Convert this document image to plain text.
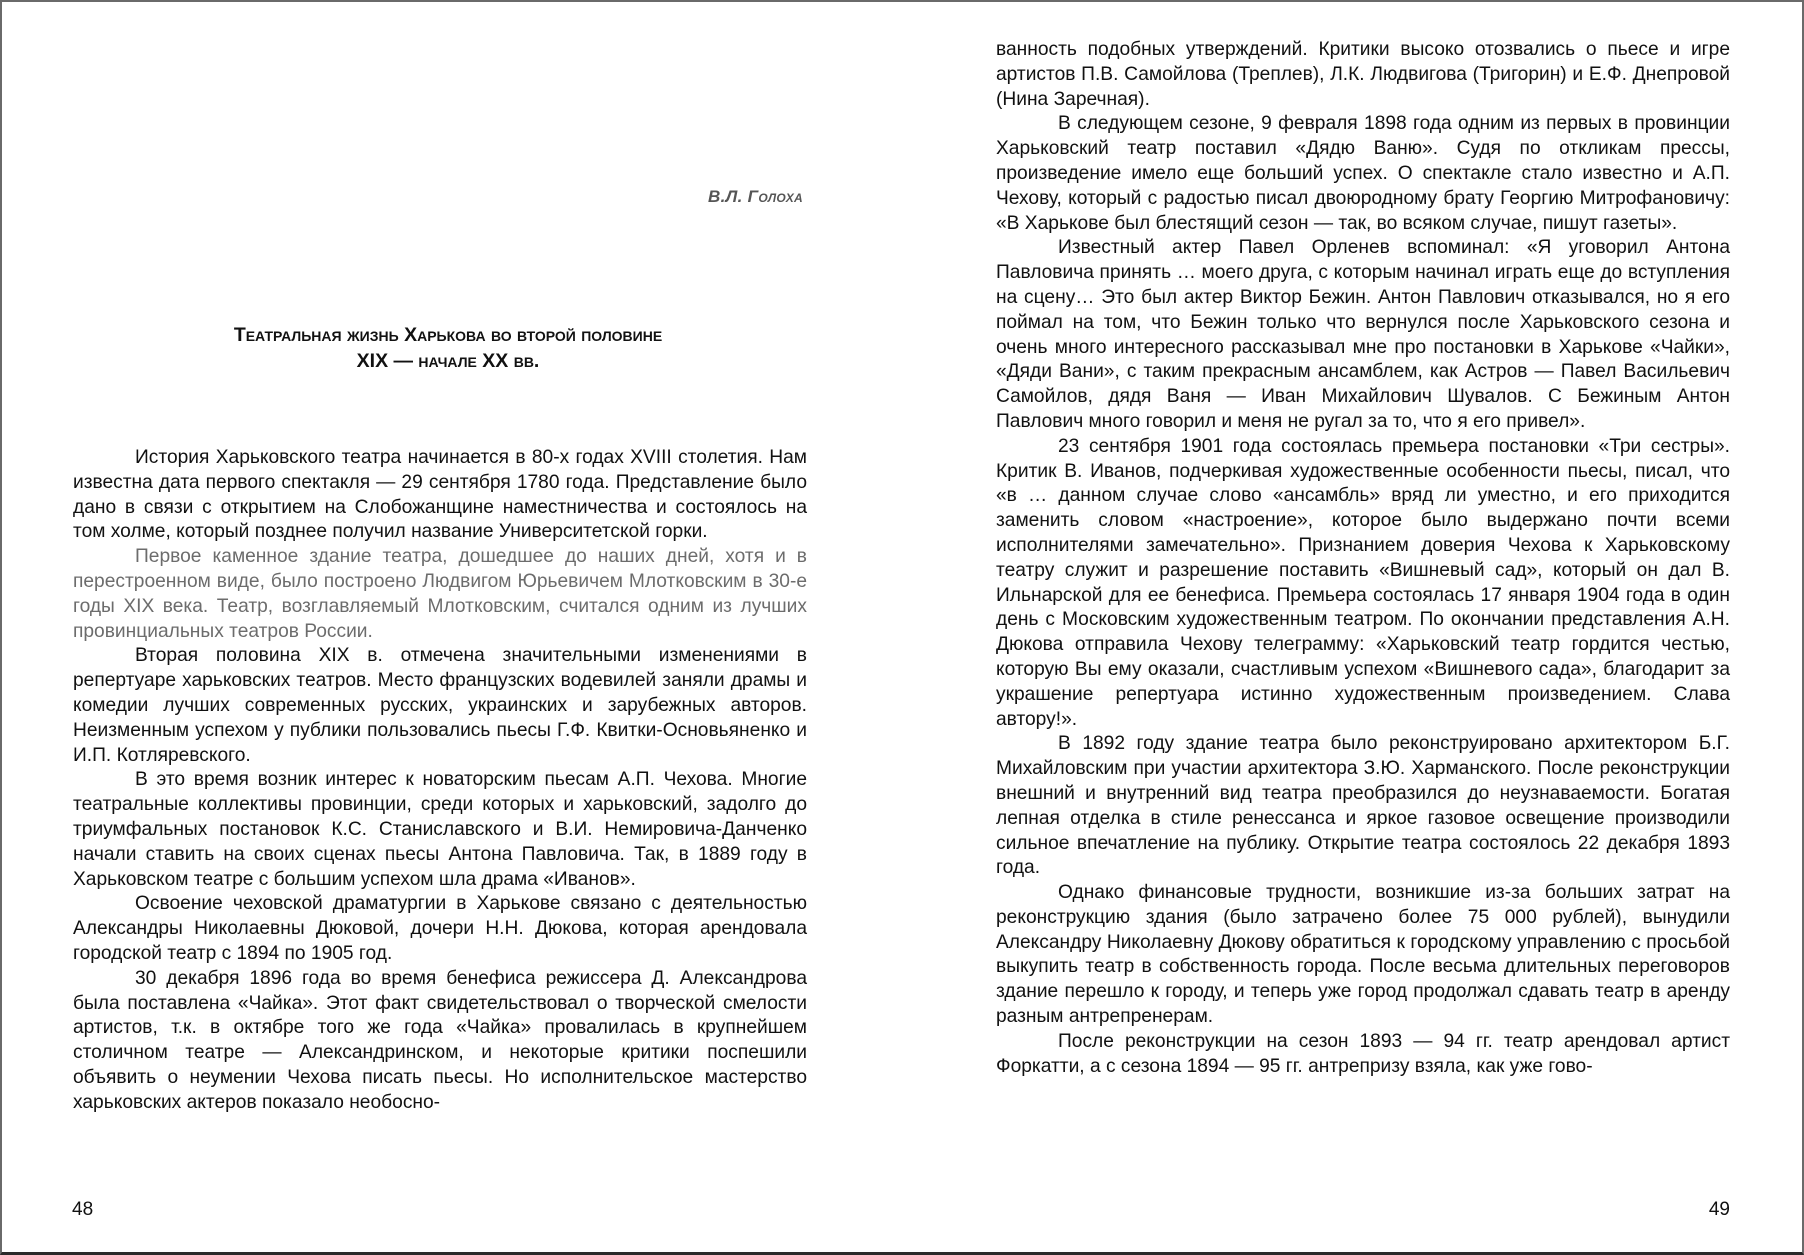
В.Л. Голоха
Театральная жизнь Харькова во второй половине
XIX — начале XX вв.

История Харьковского театра начинается в 80-х годах XVIII столетия. Нам известна дата первого спектакля — 29 сентября 1780 года. Представление было дано в связи с открытием на Слобожанщине наместничества и состоялось на том холме, который позднее получил название Университетской горки.

Первое каменное здание театра, дошедшее до наших дней, хотя и в перестроенном виде, было построено Людвигом Юрьевичем Млотковским в 30-е годы XIX века. Театр, возглавляемый Млотковским, считался одним из лучших провинциальных театров России.

Вторая половина XIX в. отмечена значительными изменениями в репертуаре харьковских театров. Место французских водевилей заняли драмы и комедии лучших современных русских, украинских и зарубежных авторов. Неизменным успехом у публики пользовались пьесы Г.Ф. Квитки-Основьяненко и И.П. Котляревского.

В это время возник интерес к новаторским пьесам А.П. Чехова. Многие театральные коллективы провинции, среди которых и харьковский, задолго до триумфальных постановок К.С. Станиславского и В.И. Немировича-Данченко начали ставить на своих сценах пьесы Антона Павловича. Так, в 1889 году в Харьковском театре с большим успехом шла драма «Иванов».

Освоение чеховской драматургии в Харькове связано с деятельностью Александры Николаевны Дюковой, дочери Н.Н. Дюкова, которая арендовала городской театр с 1894 по 1905 год.

30 декабря 1896 года во время бенефиса режиссера Д. Александрова была поставлена «Чайка». Этот факт свидетельствовал о творческой смелости артистов, т.к. в октябре того же года «Чайка» провалилась в крупнейшем столичном театре — Александринском, и некоторые критики поспешили объявить о неумении Чехова писать пьесы. Но исполнительское мастерство харьковских актеров показало необосно-

48

ванность подобных утверждений. Критики высоко отозвались о пьесе и игре артистов П.В. Самойлова (Треплев), Л.К. Людвигова (Тригорин) и Е.Ф. Днепровой (Нина Заречная).

В следующем сезоне, 9 февраля 1898 года одним из первых в провинции Харьковский театр поставил «Дядю Ваню». Судя по откликам прессы, произведение имело еще больший успех. О спектакле стало известно и А.П. Чехову, который с радостью писал двоюродному брату Георгию Митрофановичу: «В Харькове был блестящий сезон — так, во всяком случае, пишут газеты».

Известный актер Павел Орленев вспоминал: «Я уговорил Антона Павловича принять … моего друга, с которым начинал играть еще до вступления на сцену… Это был актер Виктор Бежин. Антон Павлович отказывался, но я его поймал на том, что Бежин только что вернулся после Харьковского сезона и очень много интересного рассказывал мне про постановки в Харькове «Чайки», «Дяди Вани», с таким прекрасным ансамблем, как Астров — Павел Васильевич Самойлов, дядя Ваня — Иван Михайлович Шувалов. С Бежиным Антон Павлович много говорил и меня не ругал за то, что я его привел».

23 сентября 1901 года состоялась премьера постановки «Три сестры». Критик В. Иванов, подчеркивая художественные особенности пьесы, писал, что «в … данном случае слово «ансамбль» вряд ли уместно, и его приходится заменить словом «настроение», которое было выдержано почти всеми исполнителями замечательно». Признанием доверия Чехова к Харьковскому театру служит и разрешение поставить «Вишневый сад», который он дал В. Ильнарской для ее бенефиса. Премьера состоялась 17 января 1904 года в один день с Московским художественным театром. По окончании представления А.Н. Дюкова отправила Чехову телеграмму: «Харьковский театр гордится честью, которую Вы ему оказали, счастливым успехом «Вишневого сада», благодарит за украшение репертуара истинно художественным произведением. Слава автору!».

В 1892 году здание театра было реконструировано архитектором Б.Г. Михайловским при участии архитектора З.Ю. Харманского. После реконструкции внешний и внутренний вид театра преобразился до неузнаваемости. Богатая лепная отделка в стиле ренессанса и яркое газовое освещение производили сильное впечатление на публику. Открытие театра состоялось 22 декабря 1893 года.

Однако финансовые трудности, возникшие из-за больших затрат на реконструкцию здания (было затрачено более 75 000 рублей), вынудили Александру Николаевну Дюкову обратиться к городскому управлению с просьбой выкупить театр в собственность города. После весьма длительных переговоров здание перешло к городу, и теперь уже город продолжал сдавать театр в аренду разным антрепренерам.

После реконструкции на сезон 1893 — 94 гг. театр арендовал артист Форкатти, а с сезона 1894 — 95 гг. антрепризу взяла, как уже гово-

49
